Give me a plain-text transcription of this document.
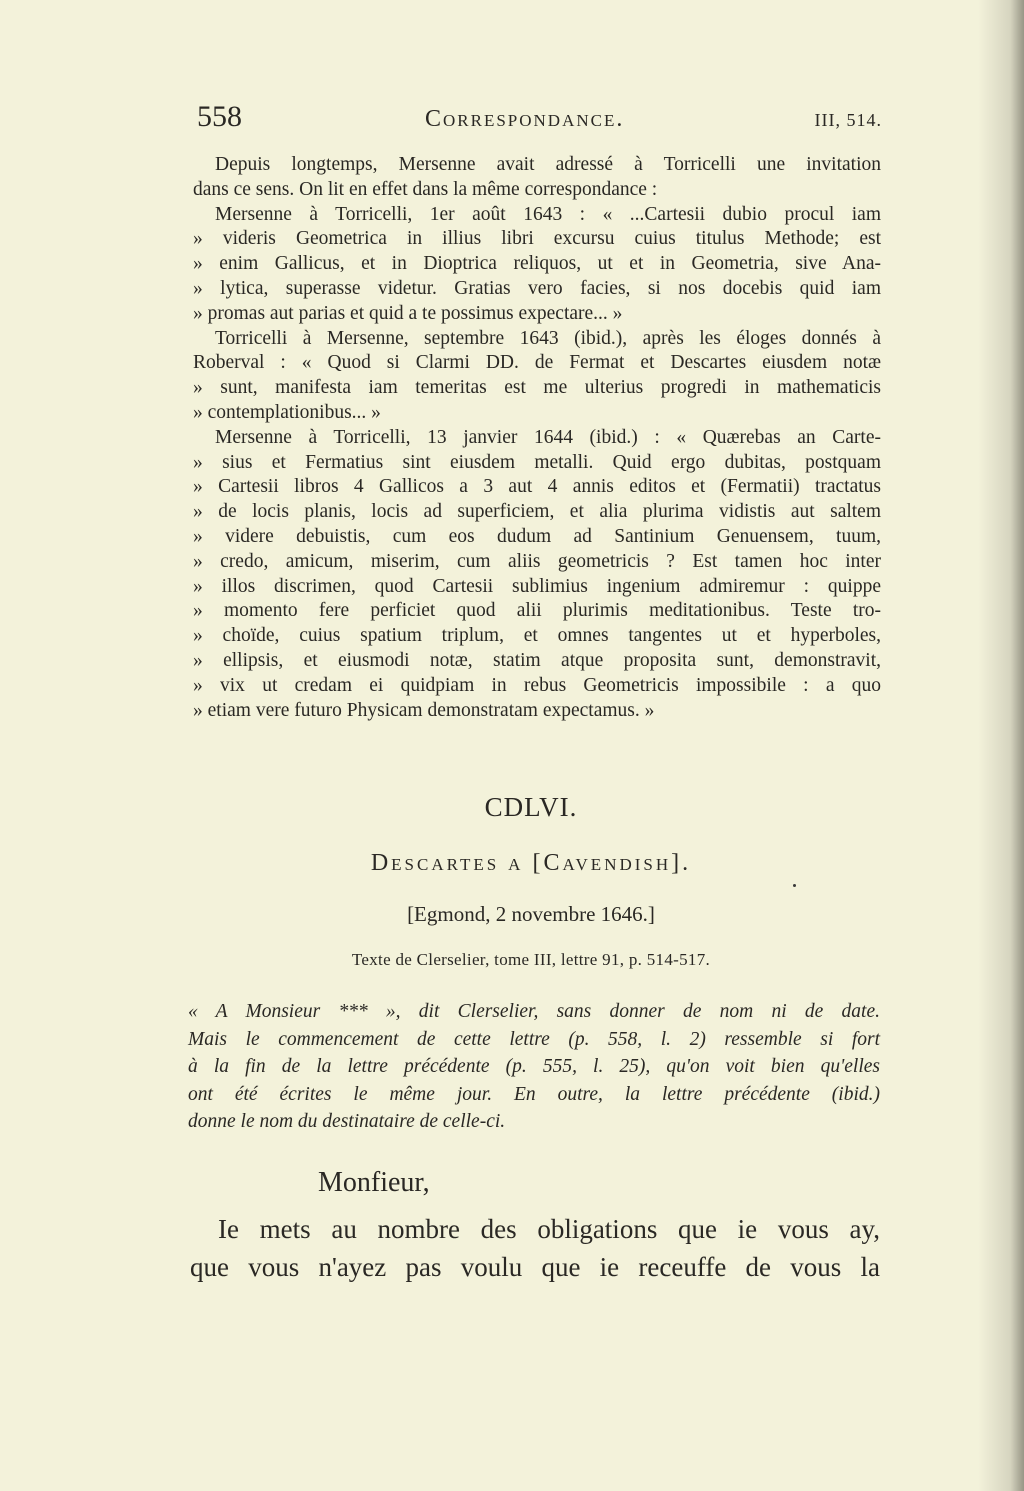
558	Correspondance.	III, 514.
Depuis longtemps, Mersenne avait adressé à Torricelli une invitation
dans ce sens. On lit en effet dans la même correspondance :
Mersenne à Torricelli, 1er août 1643 : « ...Cartesii dubio procul iam
» videris Geometrica in illius libri excursu cuius titulus Methode; est
» enim Gallicus, et in Dioptrica reliquos, ut et in Geometria, sive Ana-
» lytica, superasse videtur. Gratias vero facies, si nos docebis quid iam
» promas aut parias et quid a te possimus expectare... »
Torricelli à Mersenne, septembre 1643 (ibid.), après les éloges donnés à
Roberval : « Quod si Clarmi DD. de Fermat et Descartes eiusdem notæ
» sunt, manifesta iam temeritas est me ulterius progredi in mathematicis
» contemplationibus... »
Mersenne à Torricelli, 13 janvier 1644 (ibid.) : « Quærebas an Carte-
» sius et Fermatius sint eiusdem metalli. Quid ergo dubitas, postquam
» Cartesii libros 4 Gallicos a 3 aut 4 annis editos et (Fermatii) tractatus
» de locis planis, locis ad superficiem, et alia plurima vidistis aut saltem
» videre debuistis, cum eos dudum ad Santinium Genuensem, tuum,
» credo, amicum, miserim, cum aliis geometricis ? Est tamen hoc inter
» illos discrimen, quod Cartesii sublimius ingenium admiremur : quippe
» momento fere perficiet quod alii plurimis meditationibus. Teste tro-
» choïde, cuius spatium triplum, et omnes tangentes ut et hyperboles,
» ellipsis, et eiusmodi notæ, statim atque proposita sunt, demonstravit,
» vix ut credam ei quidpiam in rebus Geometricis impossibile : a quo
» etiam vere futuro Physicam demonstratam expectamus. »
CDLVI.
Descartes a [Cavendish].
[Egmond, 2 novembre 1646.]
Texte de Clerselier, tome III, lettre 91, p. 514-517.
« A Monsieur *** », dit Clerselier, sans donner de nom ni de date.
Mais le commencement de cette lettre (p. 558, l. 2) ressemble si fort
à la fin de la lettre précédente (p. 555, l. 25), qu'on voit bien qu'elles
ont été écrites le même jour. En outre, la lettre précédente (ibid.)
donne le nom du destinataire de celle-ci.
Monfieur,
Ie mets au nombre des obligations que ie vous ay,
que vous n'ayez pas voulu que ie receuffe de vous la
